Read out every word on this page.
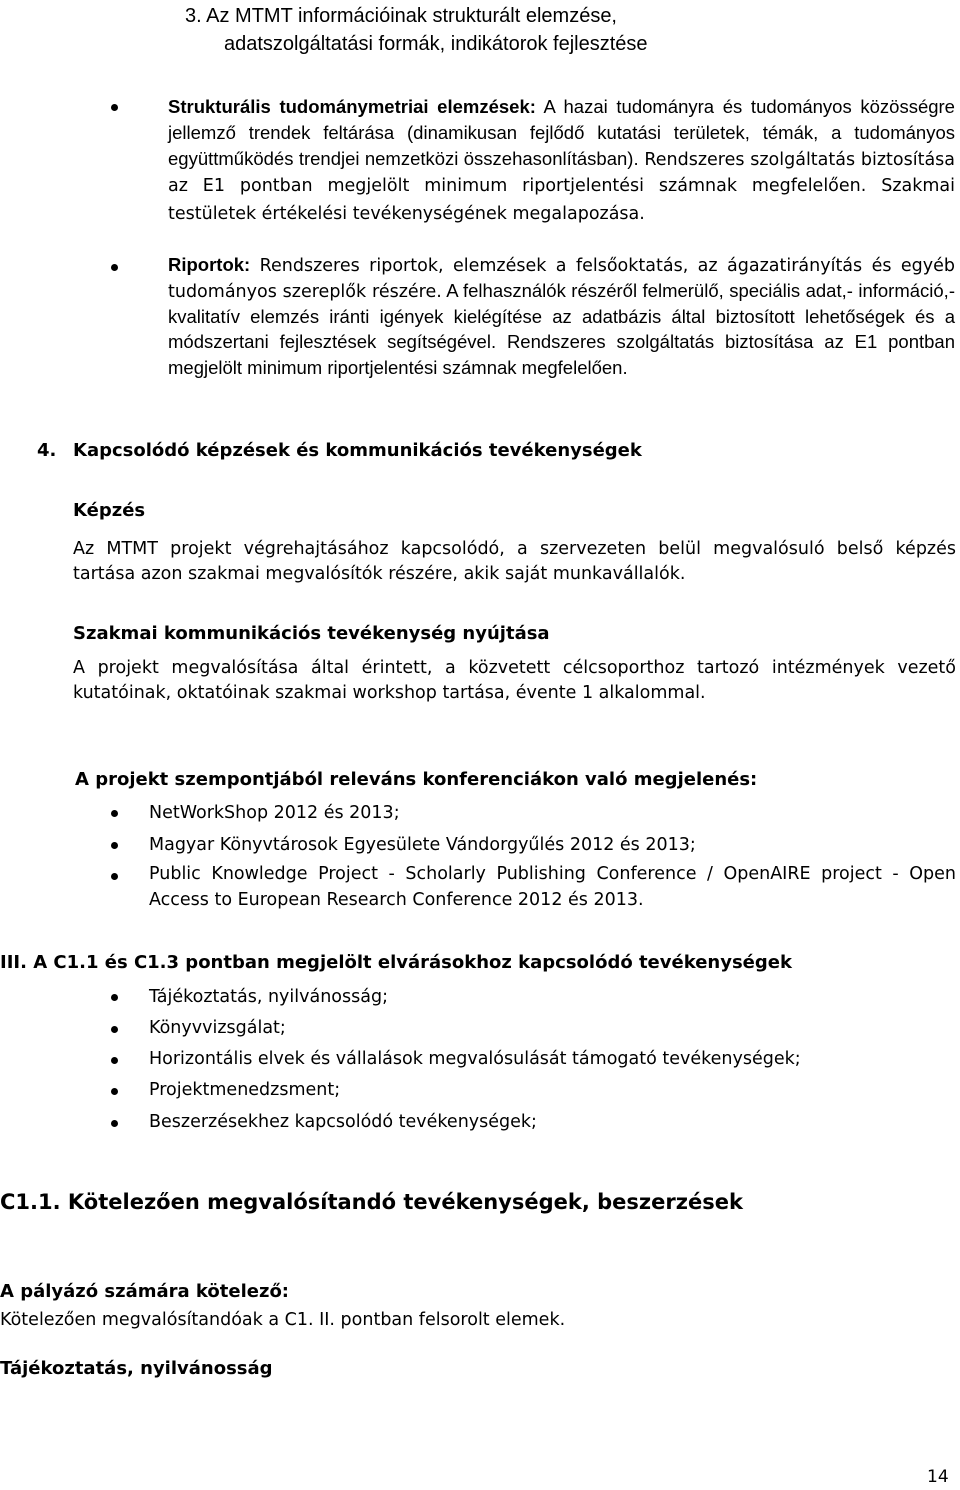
3. Az MTMT információinak strukturált elemzése,
adatszolgáltatási formák, indikátorok fejlesztése

Strukturális tudománymetriai elemzések: A hazai tudományra és tudományos közösségre jellemző trendek feltárása (dinamikusan fejlődő kutatási területek, témák, a tudományos együttműködés trendjei nemzetközi összehasonlításban). Rendszeres szolgáltatás biztosítása az E1 pontban megjelölt minimum riportjelentési számnak megfelelően. Szakmai testületek értékelési tevékenységének megalapozása.

Riportok: Rendszeres riportok, elemzések a felsőoktatás, az ágazatirányítás és egyéb tudományos szereplők részére. A felhasználók részéről felmerülő, speciális adat,- információ,- kvalitatív elemzés iránti igények kielégítése az adatbázis által biztosított lehetőségek és a módszertani fejlesztések segítségével. Rendszeres szolgáltatás biztosítása az E1 pontban megjelölt minimum riportjelentési számnak megfelelően.

4. Kapcsolódó képzések és kommunikációs tevékenységek
Képzés

Az MTMT projekt végrehajtásához kapcsolódó, a szervezeten belül megvalósuló belső képzés tartása azon szakmai megvalósítók részére, akik saját munkavállalók.

Szakmai kommunikációs tevékenység nyújtása

A projekt megvalósítása által érintett, a közvetett célcsoporthoz tartozó intézmények vezető kutatóinak, oktatóinak szakmai workshop tartása, évente 1 alkalommal.

A projekt szempontjából releváns konferenciákon való megjelenés:
NetWorkShop 2012 és 2013;
Magyar Könyvtárosok Egyesülete Vándorgyűlés 2012 és 2013;

Public Knowledge Project - Scholarly Publishing Conference / OpenAIRE project - Open Access to European Research Conference 2012 és 2013.

III. A C1.1 és C1.3 pontban megjelölt elvárásokhoz kapcsolódó tevékenységek
Tájékoztatás, nyilvánosság;
Könyvvizsgálat;
Horizontális elvek és vállalások megvalósulását támogató tevékenységek;
Projektmenedzsment;
Beszerzésekhez kapcsolódó tevékenységek;
C1.1. Kötelezően megvalósítandó tevékenységek, beszerzések
A pályázó számára kötelező:
Kötelezően megvalósítandóak a C1. II. pontban felsorolt elemek.
Tájékoztatás, nyilvánosság
14
